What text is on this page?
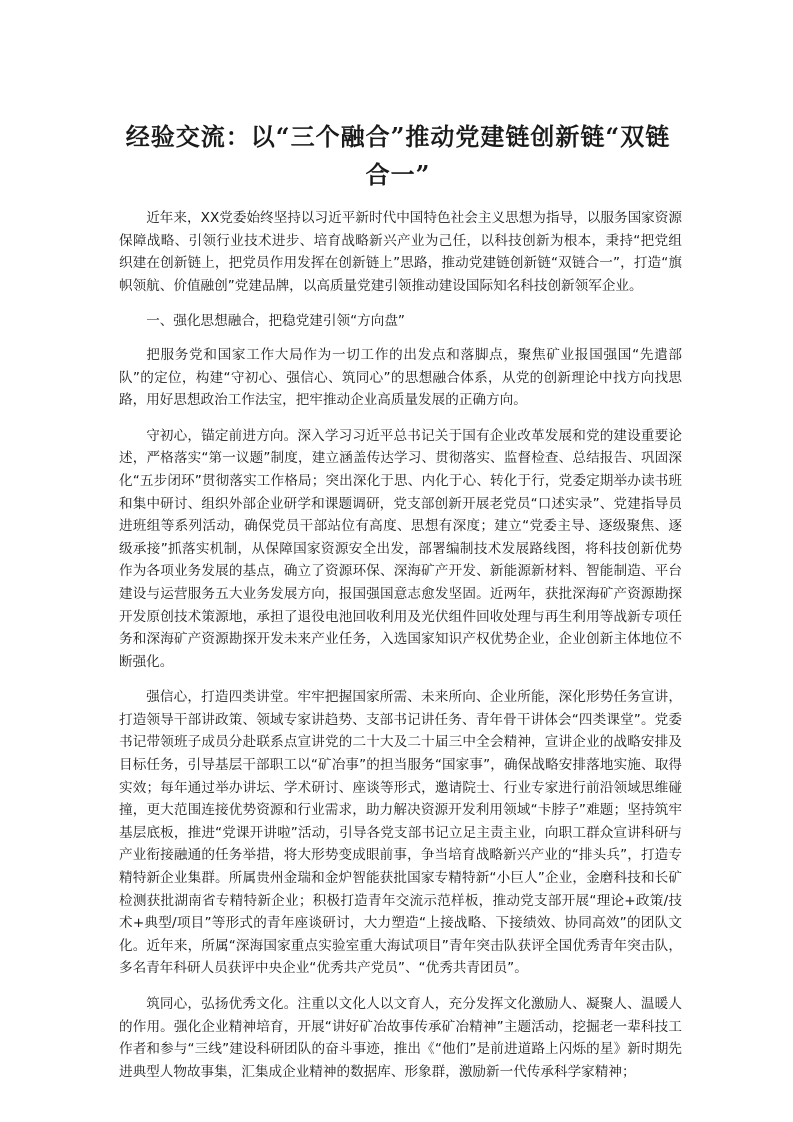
经验交流：以“三个融合”推动党建链创新链“双链合一”

近年来，XX党委始终坚持以习近平新时代中国特色社会主义思想为指导，以服务国家资源保障战略、引领行业技术进步、培育战略新兴产业为己任，以科技创新为根本，秉持“把党组织建在创新链上，把党员作用发挥在创新链上”思路，推动党建链创新链“双链合一”，打造“旗帜领航、价值融创”党建品牌，以高质量党建引领推动建设国际知名科技创新领军企业。

一、强化思想融合，把稳党建引领“方向盘”

把服务党和国家工作大局作为一切工作的出发点和落脚点，聚焦矿业报国强国“先遣部队”的定位，构建“守初心、强信心、筑同心”的思想融合体系，从党的创新理论中找方向找思路，用好思想政治工作法宝，把牢推动企业高质量发展的正确方向。

守初心，锚定前进方向。深入学习习近平总书记关于国有企业改革发展和党的建设重要论述，严格落实“第一议题”制度，建立涵盖传达学习、贯彻落实、监督检查、总结报告、巩固深化“五步闭环”贯彻落实工作格局；突出深化于思、内化于心、转化于行，党委定期举办读书班和集中研讨、组织外部企业研学和课题调研，党支部创新开展老党员“口述实录”、党建指导员进班组等系列活动，确保党员干部站位有高度、思想有深度；建立“党委主导、逐级聚焦、逐级承接”抓落实机制，从保障国家资源安全出发，部署编制技术发展路线图，将科技创新优势作为各项业务发展的基点，确立了资源环保、深海矿产开发、新能源新材料、智能制造、平台建设与运营服务五大业务发展方向，报国强国意志愈发坚固。近两年，获批深海矿产资源勘探开发原创技术策源地，承担了退役电池回收利用及光伏组件回收处理与再生利用等战新专项任务和深海矿产资源勘探开发未来产业任务，入选国家知识产权优势企业，企业创新主体地位不断强化。

强信心，打造四类讲堂。牢牢把握国家所需、未来所向、企业所能，深化形势任务宣讲，打造领导干部讲政策、领域专家讲趋势、支部书记讲任务、青年骨干讲体会“四类课堂”。党委书记带领班子成员分赴联系点宣讲党的二十大及二十届三中全会精神，宣讲企业的战略安排及目标任务，引导基层干部职工以“矿冶事”的担当服务“国家事”，确保战略安排落地实施、取得实效；每年通过举办讲坛、学术研讨、座谈等形式，邀请院士、行业专家进行前沿领域思维碰撞，更大范围连接优势资源和行业需求，助力解决资源开发利用领域“卡脖子”难题；坚持筑牢基层底板，推进“党课开讲啦”活动，引导各党支部书记立足主责主业，向职工群众宣讲科研与产业衔接融通的任务举措，将大形势变成眼前事，争当培育战略新兴产业的“排头兵”，打造专精特新企业集群。所属贵州金瑞和金炉智能获批国家专精特新“小巨人”企业，金磨科技和长矿检测获批湖南省专精特新企业；积极打造青年交流示范样板，推动党支部开展“理论+政策/技术+典型/项目”等形式的青年座谈研讨，大力塑造“上接战略、下接绩效、协同高效”的团队文化。近年来，所属“深海国家重点实验室重大海试项目”青年突击队获评全国优秀青年突击队，多名青年科研人员获评中央企业“优秀共产党员”、“优秀共青团员”。

筑同心，弘扬优秀文化。注重以文化人以文育人，充分发挥文化激励人、凝聚人、温暖人的作用。强化企业精神培育，开展“讲好矿冶故事传承矿冶精神”主题活动，挖掘老一辈科技工作者和参与“三线”建设科研团队的奋斗事迹，推出《“他们”是前进道路上闪烁的星》新时期先进典型人物故事集，汇集成企业精神的数据库、形象群，激励新一代传承科学家精神；
